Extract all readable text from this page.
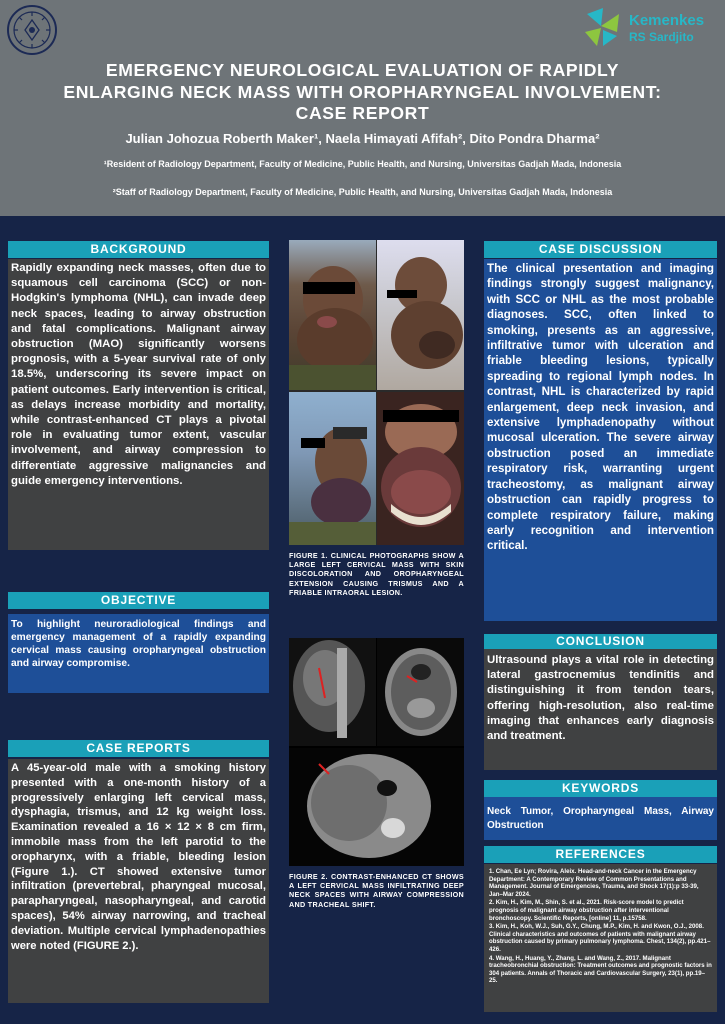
Kemenkes
RS Sardjito
EMERGENCY NEUROLOGICAL EVALUATION OF RAPIDLY ENLARGING NECK MASS WITH OROPHARYNGEAL INVOLVEMENT: CASE REPORT
Julian Johozua Roberth Maker¹, Naela Himayati Afifah², Dito Pondra Dharma²
¹Resident of Radiology Department, Faculty of Medicine, Public Health, and Nursing, Universitas Gadjah Mada, Indonesia
²Staff of Radiology Department, Faculty of Medicine, Public Health, and Nursing, Universitas Gadjah Mada, Indonesia
BACKGROUND
Rapidly expanding neck masses, often due to squamous cell carcinoma (SCC) or non-Hodgkin's lymphoma (NHL), can invade deep neck spaces, leading to airway obstruction and fatal complications. Malignant airway obstruction (MAO) significantly worsens prognosis, with a 5-year survival rate of only 18.5%, underscoring its severe impact on patient outcomes. Early intervention is critical, as delays increase morbidity and mortality, while contrast-enhanced CT plays a pivotal role in evaluating tumor extent, vascular involvement, and airway compression to differentiate aggressive malignancies and guide emergency interventions.
OBJECTIVE
To highlight neuroradiological findings and emergency management of a rapidly expanding cervical mass causing oropharyngeal obstruction and airway compromise.
CASE REPORTS
A 45-year-old male with a smoking history presented with a one-month history of a progressively enlarging left cervical mass, dysphagia, trismus, and 12 kg weight loss. Examination revealed a 16 × 12 × 8 cm firm, immobile mass from the left parotid to the oropharynx, with a friable, bleeding lesion (Figure 1.). CT showed extensive tumor infiltration (prevertebral, pharyngeal mucosal, parapharyngeal, nasopharyngeal, and carotid spaces), 54% airway narrowing, and tracheal deviation. Multiple cervical lymphadenopathies were noted (FIGURE 2.).
FIGURE 1. CLINICAL PHOTOGRAPHS SHOW A LARGE LEFT CERVICAL MASS WITH SKIN DISCOLORATION AND OROPHARYNGEAL EXTENSION CAUSING TRISMUS AND A FRIABLE INTRAORAL LESION.
FIGURE 2. CONTRAST-ENHANCED CT SHOWS A LEFT CERVICAL MASS INFILTRATING DEEP NECK SPACES WITH AIRWAY COMPRESSION AND TRACHEAL SHIFT.
CASE DISCUSSION
The clinical presentation and imaging findings strongly suggest malignancy, with SCC or NHL as the most probable diagnoses. SCC, often linked to smoking, presents as an aggressive, infiltrative tumor with ulceration and friable bleeding lesions, typically spreading to regional lymph nodes. In contrast, NHL is characterized by rapid enlargement, deep neck invasion, and extensive lymphadenopathy without mucosal ulceration. The severe airway obstruction posed an immediate respiratory risk, warranting urgent tracheostomy, as malignant airway obstruction can rapidly progress to complete respiratory failure, making early recognition and intervention critical.
CONCLUSION
Ultrasound plays a vital role in detecting lateral gastrocnemius tendinitis and distinguishing it from tendon tears, offering high-resolution, also real-time imaging that enhances early diagnosis and treatment.
KEYWORDS
Neck Tumor, Oropharyngeal Mass, Airway Obstruction
REFERENCES
1. Chan, Ee Lyn; Rovira, Aleix. Head-and-neck Cancer in the Emergency Department: A Contemporary Review of Common Presentations and Management. Journal of Emergencies, Trauma, and Shock 17(1):p 33-39, Jan–Mar 2024.
2. Kim, H., Kim, M., Shin, S. et al., 2021. Risk-score model to predict prognosis of malignant airway obstruction after interventional bronchoscopy. Scientific Reports, [online] 11, p.15758.
3. Kim, H., Koh, W.J., Suh, G.Y., Chung, M.P., Kim, H. and Kwon, O.J., 2008. Clinical characteristics and outcomes of patients with malignant airway obstruction caused by primary pulmonary lymphoma. Chest, 134(2), pp.421–426.
4. Wang, H., Huang, Y., Zhang, L. and Wang, Z., 2017. Malignant tracheobronchial obstruction: Treatment outcomes and prognostic factors in 304 patients. Annals of Thoracic and Cardiovascular Surgery, 23(1), pp.19–25.
